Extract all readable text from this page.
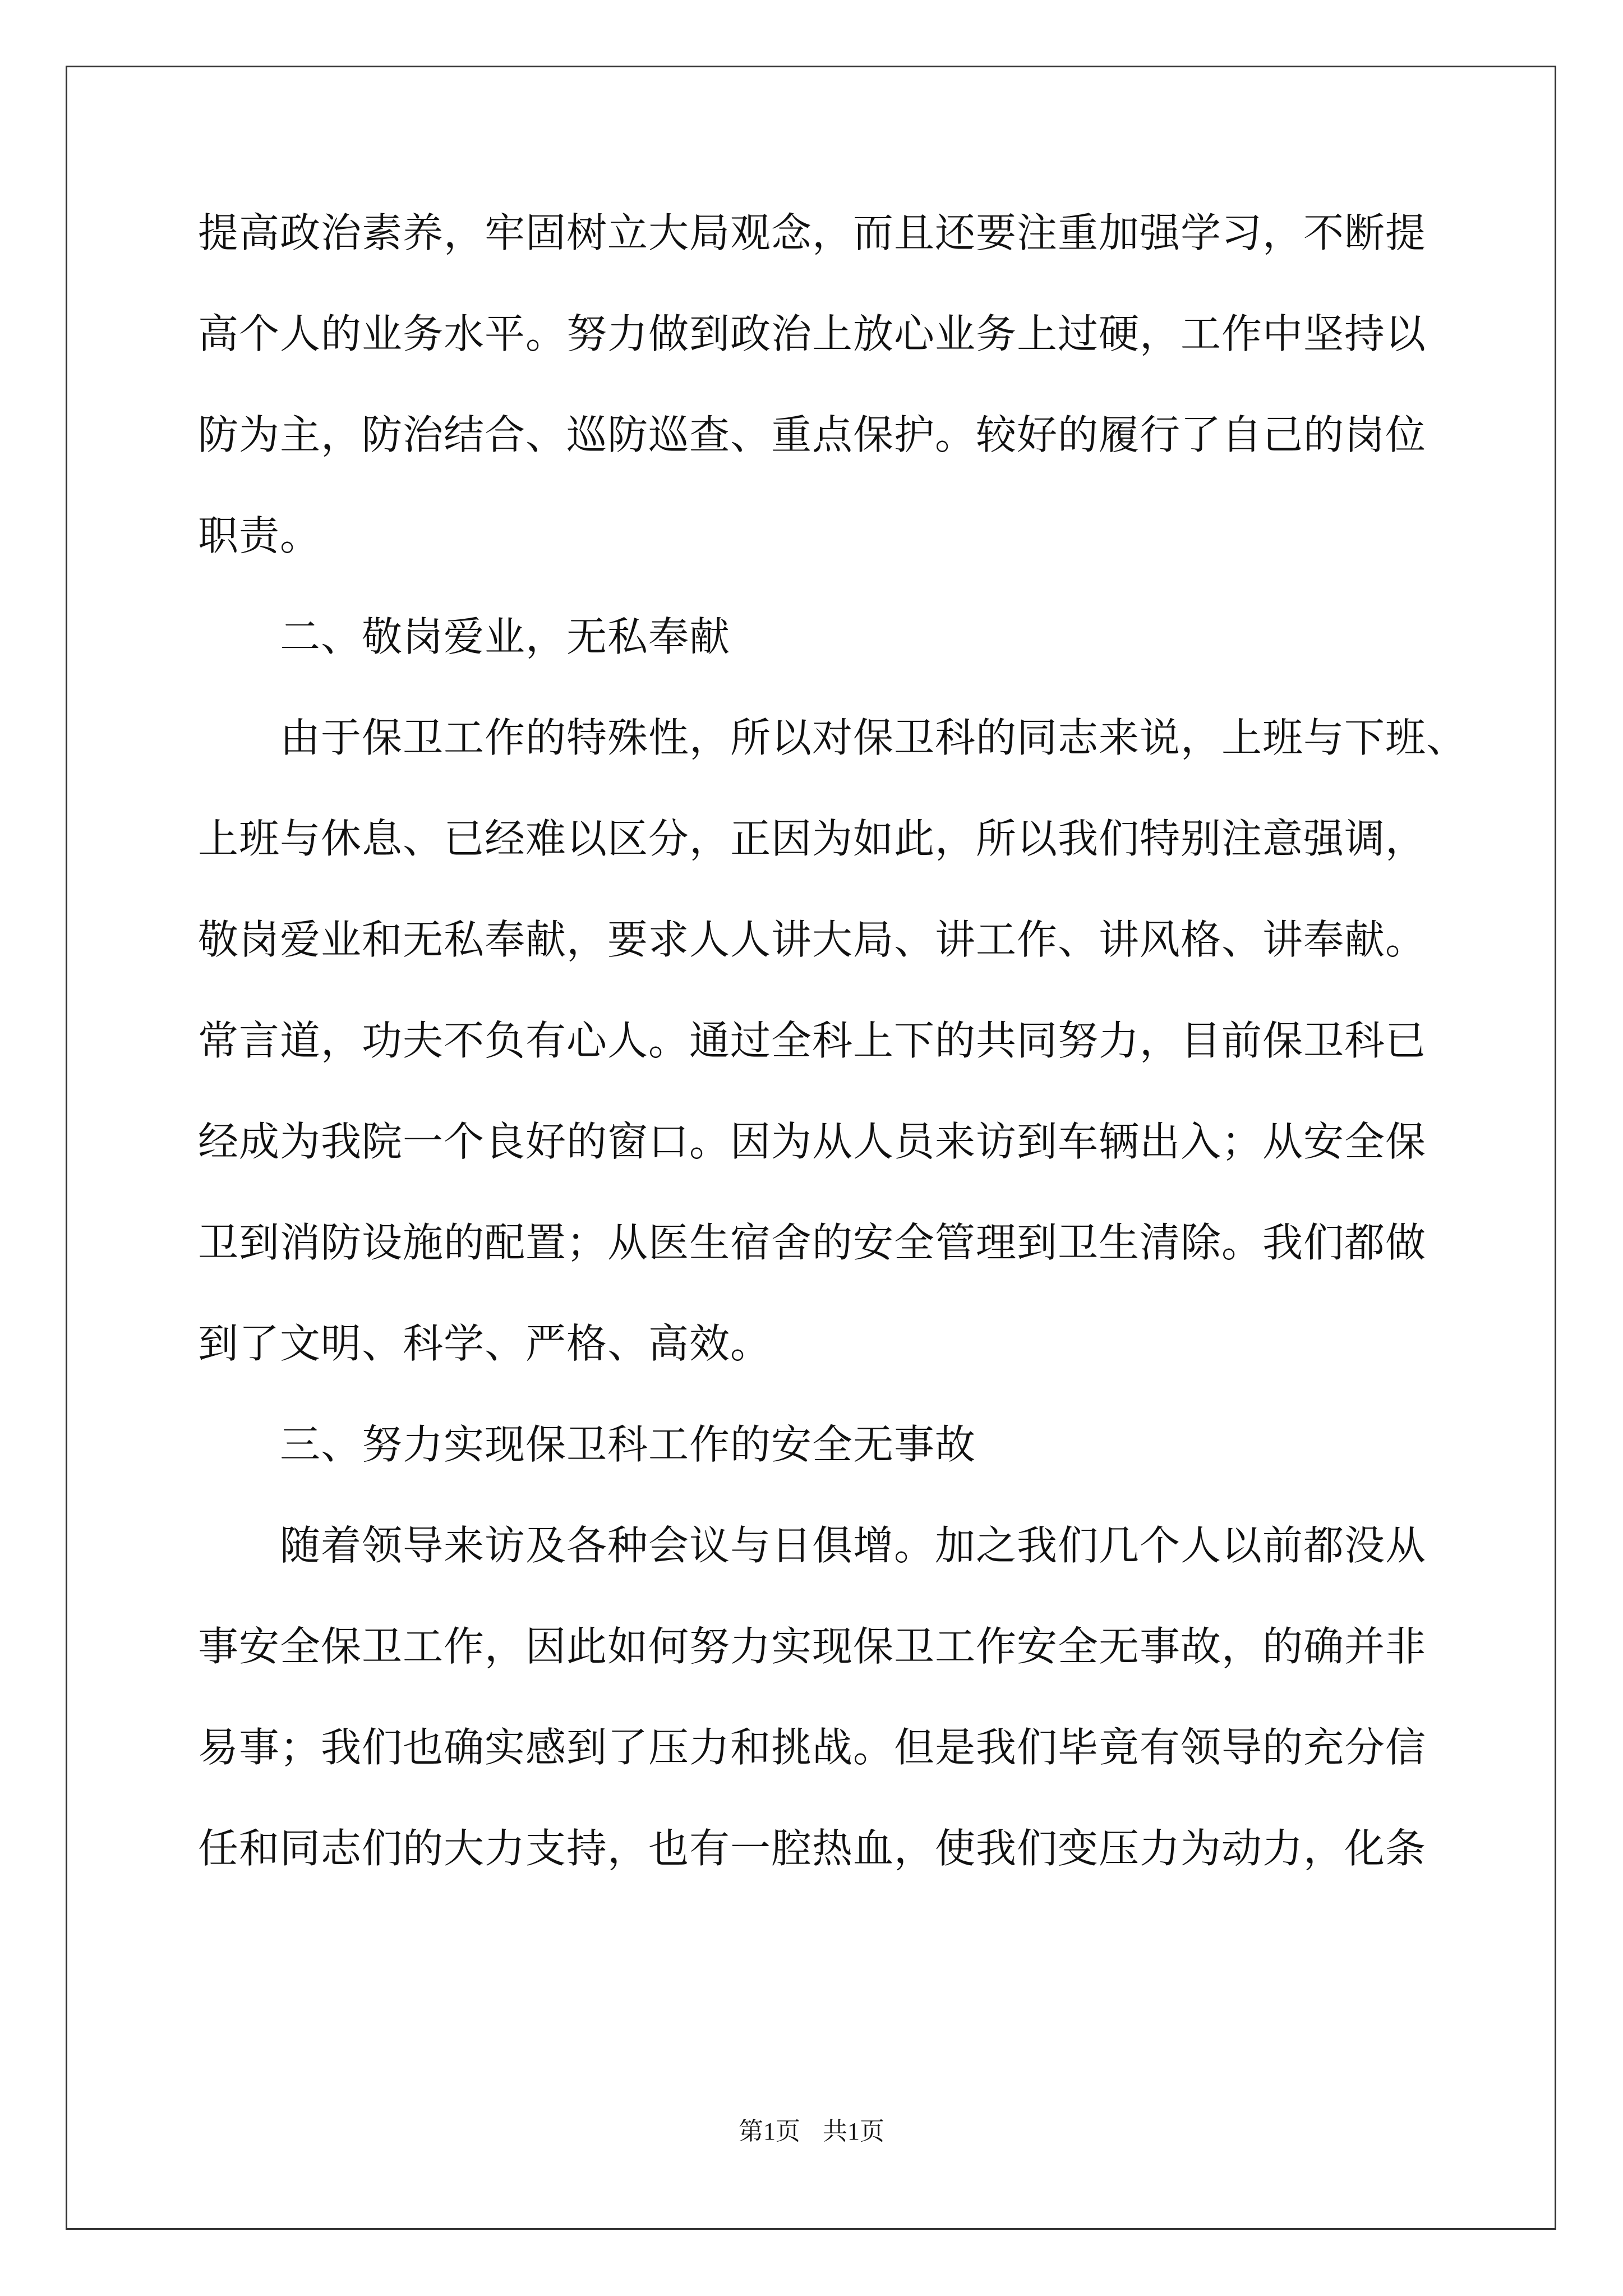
提高政治素养，牢固树立大局观念，而且还要注重加强学习，不断提
高个人的业务水平。努力做到政治上放心业务上过硬，工作中坚持以
防为主，防治结合、巡防巡查、重点保护。较好的履行了自己的岗位
职责。
　　二、敬岗爱业，无私奉献
　　由于保卫工作的特殊性，所以对保卫科的同志来说，上班与下班、
上班与休息、已经难以区分，正因为如此，所以我们特别注意强调，
敬岗爱业和无私奉献，要求人人讲大局、讲工作、讲风格、讲奉献。
常言道，功夫不负有心人。通过全科上下的共同努力，目前保卫科已
经成为我院一个良好的窗口。因为从人员来访到车辆出入；从安全保
卫到消防设施的配置；从医生宿舍的安全管理到卫生清除。我们都做
到了文明、科学、严格、高效。
　　三、努力实现保卫科工作的安全无事故
　　随着领导来访及各种会议与日俱增。加之我们几个人以前都没从
事安全保卫工作，因此如何努力实现保卫工作安全无事故，的确并非
易事；我们也确实感到了压力和挑战。但是我们毕竟有领导的充分信
任和同志们的大力支持，也有一腔热血，使我们变压力为动力，化条
第1页 共1页
